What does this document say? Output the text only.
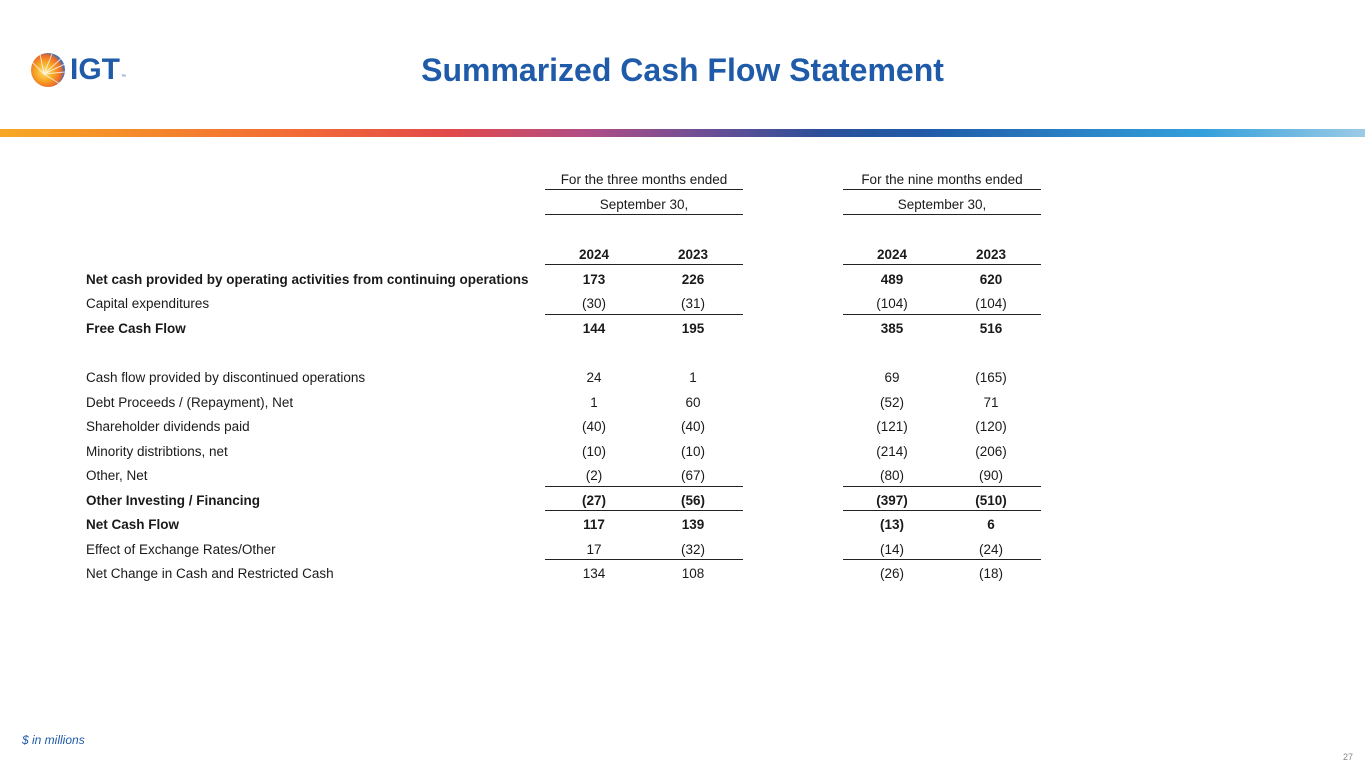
IGT ™	Summarized Cash Flow Statement
For the three months ended	For the nine months ended
September 30,	September 30,
2024	2023	2024	2023
Net cash provided by operating activities from continuing operations	173	226	489	620
Capital expenditures	(30)	(31)	(104)	(104)
Free Cash Flow	144	195	385	516
Cash flow provided by discontinued operations	24	1	69	(165)
Debt Proceeds / (Repayment), Net	1	60	(52)	71
Shareholder dividends paid	(40)	(40)	(121)	(120)
Minority distribtions, net	(10)	(10)	(214)	(206)
Other, Net	(2)	(67)	(80)	(90)
Other Investing / Financing	(27)	(56)	(397)	(510)
Net Cash Flow	117	139	(13)	6
Effect of Exchange Rates/Other	17	(32)	(14)	(24)
Net Change in Cash and Restricted Cash	134	108	(26)	(18)
$ in millions
27
